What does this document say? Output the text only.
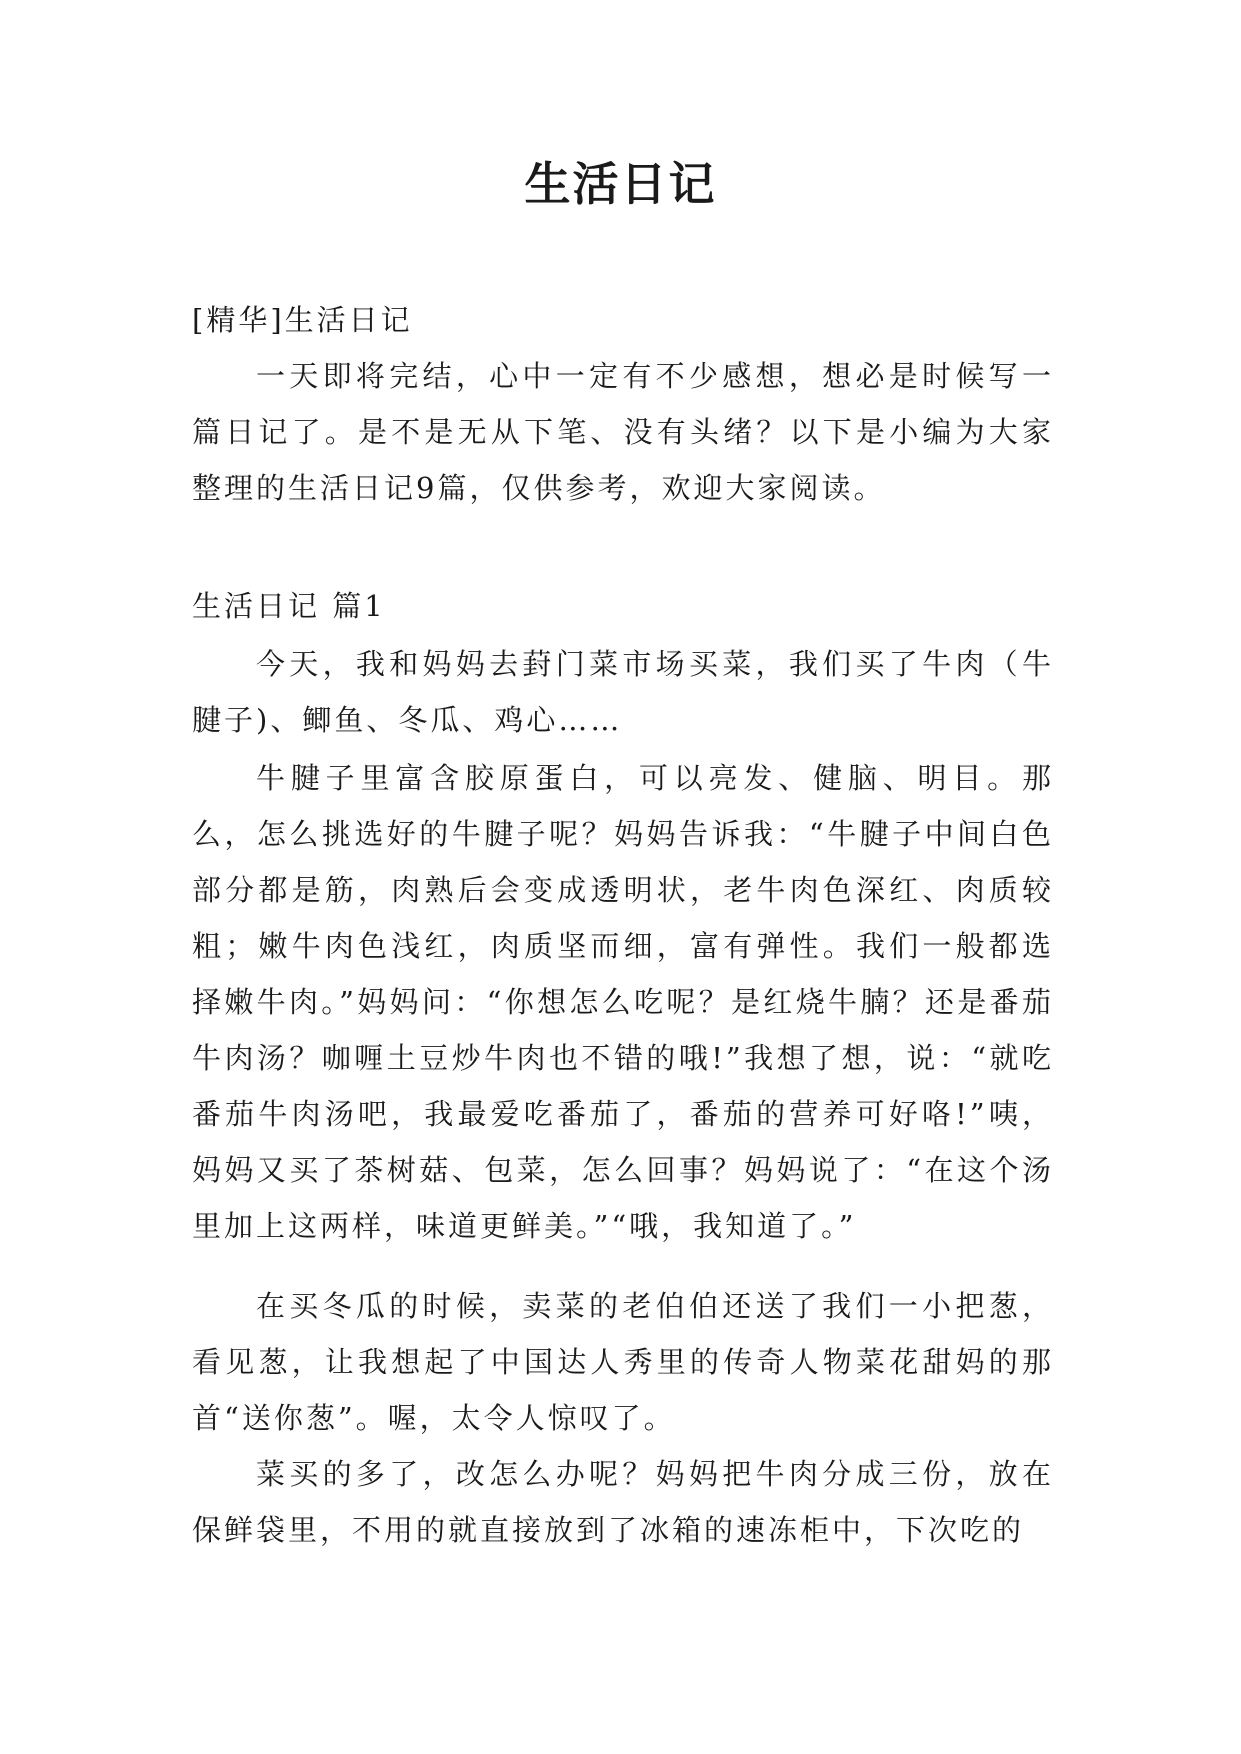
生活日记

[精华]生活日记

一天即将完结，心中一定有不少感想，想必是时候写一篇日记了。是不是无从下笔、没有头绪？以下是小编为大家整理的生活日记9篇，仅供参考，欢迎大家阅读。

生活日记 篇1

今天，我和妈妈去葑门菜市场买菜，我们买了牛肉（牛腱子)、鲫鱼、冬瓜、鸡心……

牛腱子里富含胶原蛋白，可以亮发、健脑、明目。那么，怎么挑选好的牛腱子呢？妈妈告诉我：“牛腱子中间白色部分都是筋，肉熟后会变成透明状，老牛肉色深红、肉质较粗；嫩牛肉色浅红，肉质坚而细，富有弹性。我们一般都选择嫩牛肉。”妈妈问：“你想怎么吃呢？是红烧牛腩？还是番茄牛肉汤？咖喱土豆炒牛肉也不错的哦!”我想了想，说：“就吃番茄牛肉汤吧，我最爱吃番茄了，番茄的营养可好咯!”咦，妈妈又买了茶树菇、包菜，怎么回事？妈妈说了：“在这个汤里加上这两样，味道更鲜美。”“哦，我知道了。”

在买冬瓜的时候，卖菜的老伯伯还送了我们一小把葱，看见葱，让我想起了中国达人秀里的传奇人物菜花甜妈的那首“送你葱”。喔，太令人惊叹了。

菜买的多了，改怎么办呢？妈妈把牛肉分成三份，放在保鲜袋里，不用的就直接放到了冰箱的速冻柜中，下次吃的
